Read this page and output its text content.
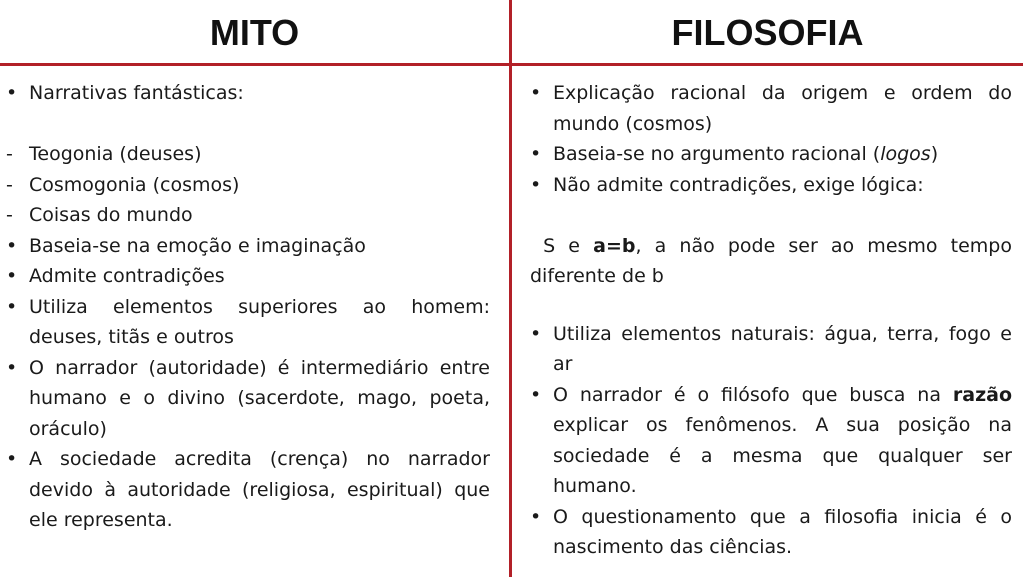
MITO	FILOSOFIA
• Narrativas fantásticas:
- Teogonia (deuses)
- Cosmogonia (cosmos)
- Coisas do mundo
• Baseia-se na emoção e imaginação
• Admite contradições
• Utiliza elementos superiores ao homem: deuses, titãs e outros
• O narrador (autoridade) é intermediário entre humano e o divino (sacerdote, mago, poeta, oráculo)
• A sociedade acredita (crença) no narrador devido à autoridade (religiosa, espiritual) que ele representa.
• Explicação racional da origem e ordem do mundo (cosmos)
• Baseia-se no argumento racional (logos)
• Não admite contradições, exige lógica:
S e a=b, a não pode ser ao mesmo tempo diferente de b
• Utiliza elementos naturais: água, terra, fogo e ar
• O narrador é o filósofo que busca na razão explicar os fenômenos. A sua posição na sociedade é a mesma que qualquer ser humano.
• O questionamento que a filosofia inicia é o nascimento das ciências.
